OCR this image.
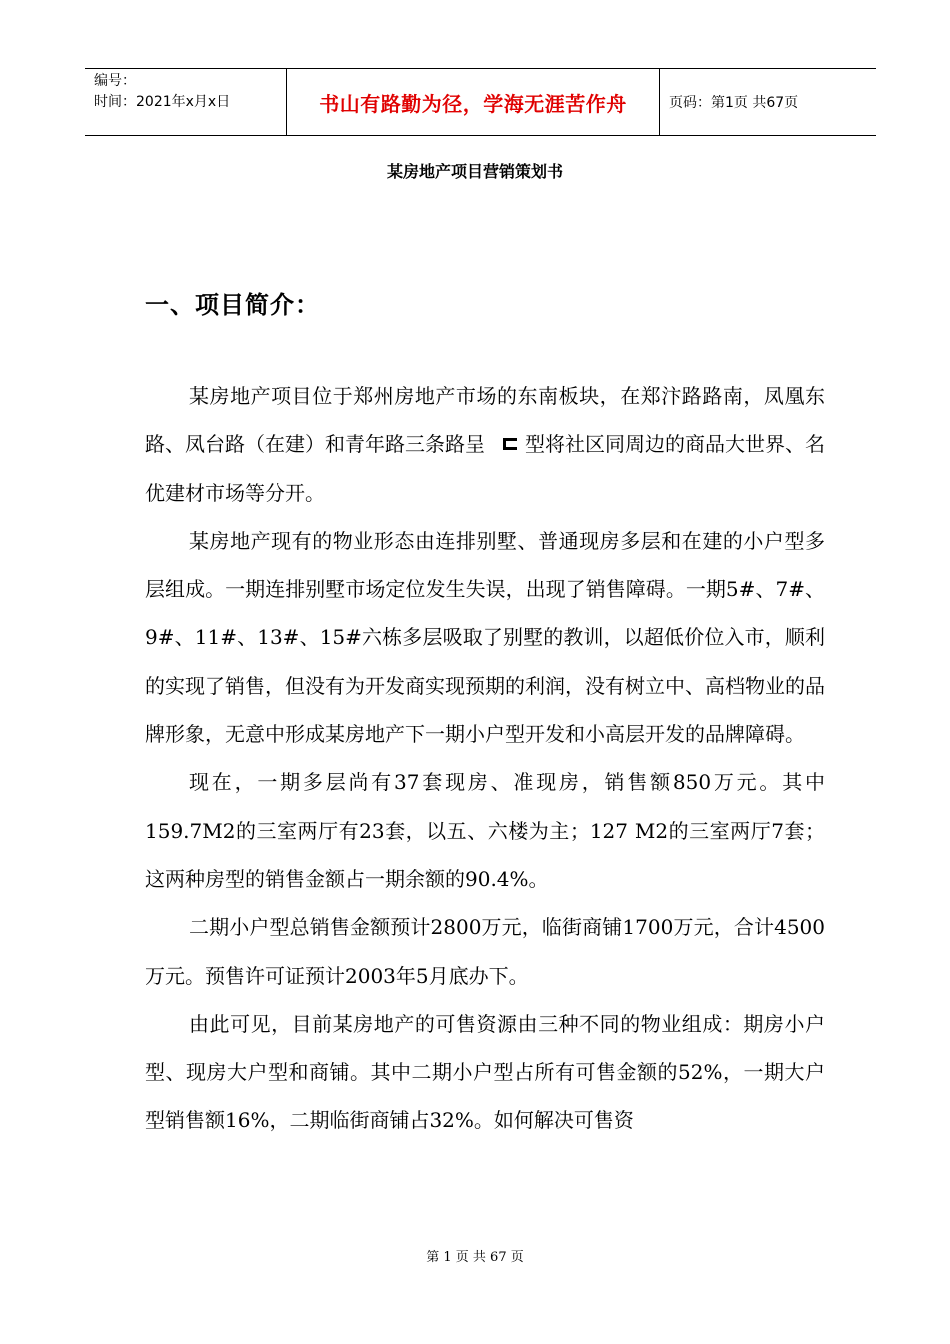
编号：
时间：2021年x月x日	书山有路勤为径，学海无涯苦作舟	页码：第1页 共67页
某房地产项目营销策划书
一、项目简介：

某房地产项目位于郑州房地产市场的东南板块，在郑汴路路南，凤凰东路、凤台路（在建）和青年路三条路呈 型将社区同周边的商品大世界、名优建材市场等分开。

某房地产现有的物业形态由连排别墅、普通现房多层和在建的小户型多层组成。一期连排别墅市场定位发生失误，出现了销售障碍。一期5#、7#、9#、11#、13#、15#六栋多层吸取了别墅的教训，以超低价位入市，顺利的实现了销售，但没有为开发商实现预期的利润，没有树立中、高档物业的品牌形象，无意中形成某房地产下一期小户型开发和小高层开发的品牌障碍。

现在，一期多层尚有37套现房、准现房，销售额850万元。其中159.7M2的三室两厅有23套，以五、六楼为主；127 M2的三室两厅7套；这两种房型的销售金额占一期余额的90.4%。

二期小户型总销售金额预计2800万元，临街商铺1700万元，合计4500万元。预售许可证预计2003年5月底办下。

由此可见，目前某房地产的可售资源由三种不同的物业组成：期房小户型、现房大户型和商铺。其中二期小户型占所有可售金额的52%，一期大户型销售额16%，二期临街商铺占32%。如何解决可售资

第 1 页 共 67 页
